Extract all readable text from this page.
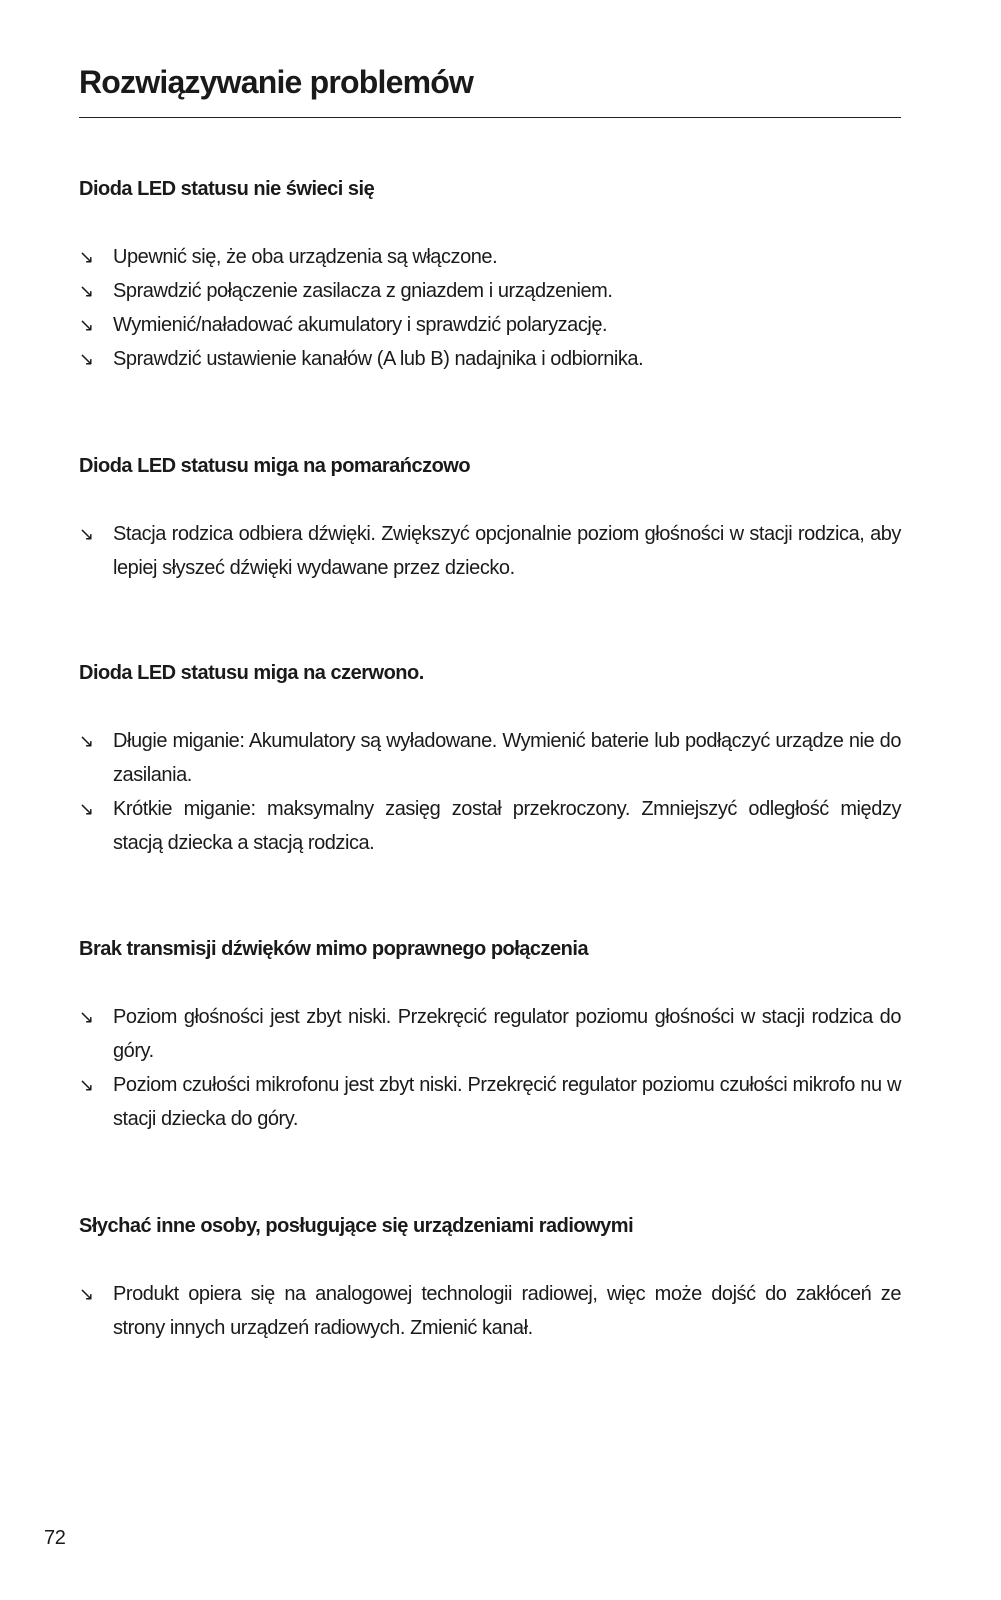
Rozwiązywanie problemów
Dioda LED statusu nie świeci się
↘ Upewnić się, że oba urządzenia są włączone.
↘ Sprawdzić połączenie zasilacza z gniazdem i urządzeniem.
↘ Wymienić/naładować akumulatory i sprawdzić polaryzację.
↘ Sprawdzić ustawienie kanałów (A lub B) nadajnika i odbiornika.
Dioda LED statusu miga na pomarańczowo
↘ Stacja rodzica odbiera dźwięki. Zwiększyć opcjonalnie poziom głośności w stacji rodzica, aby lepiej słyszeć dźwięki wydawane przez dziecko.
Dioda LED statusu miga na czerwono.
↘ Długie miganie: Akumulatory są wyładowane. Wymienić baterie lub podłączyć urządze nie do zasilania.
↘ Krótkie miganie: maksymalny zasięg został przekroczony. Zmniejszyć odległość między stacją dziecka a stacją rodzica.
Brak transmisji dźwięków mimo poprawnego połączenia
↘ Poziom głośności jest zbyt niski. Przekręcić regulator poziomu głośności w stacji rodzica do góry.
↘ Poziom czułości mikrofonu jest zbyt niski. Przekręcić regulator poziomu czułości mikrofo nu w stacji dziecka do góry.
Słychać inne osoby, posługujące się urządzeniami radiowymi
↘ Produkt opiera się na analogowej technologii radiowej, więc może dojść do zakłóceń ze strony innych urządzeń radiowych. Zmienić kanał.
72
